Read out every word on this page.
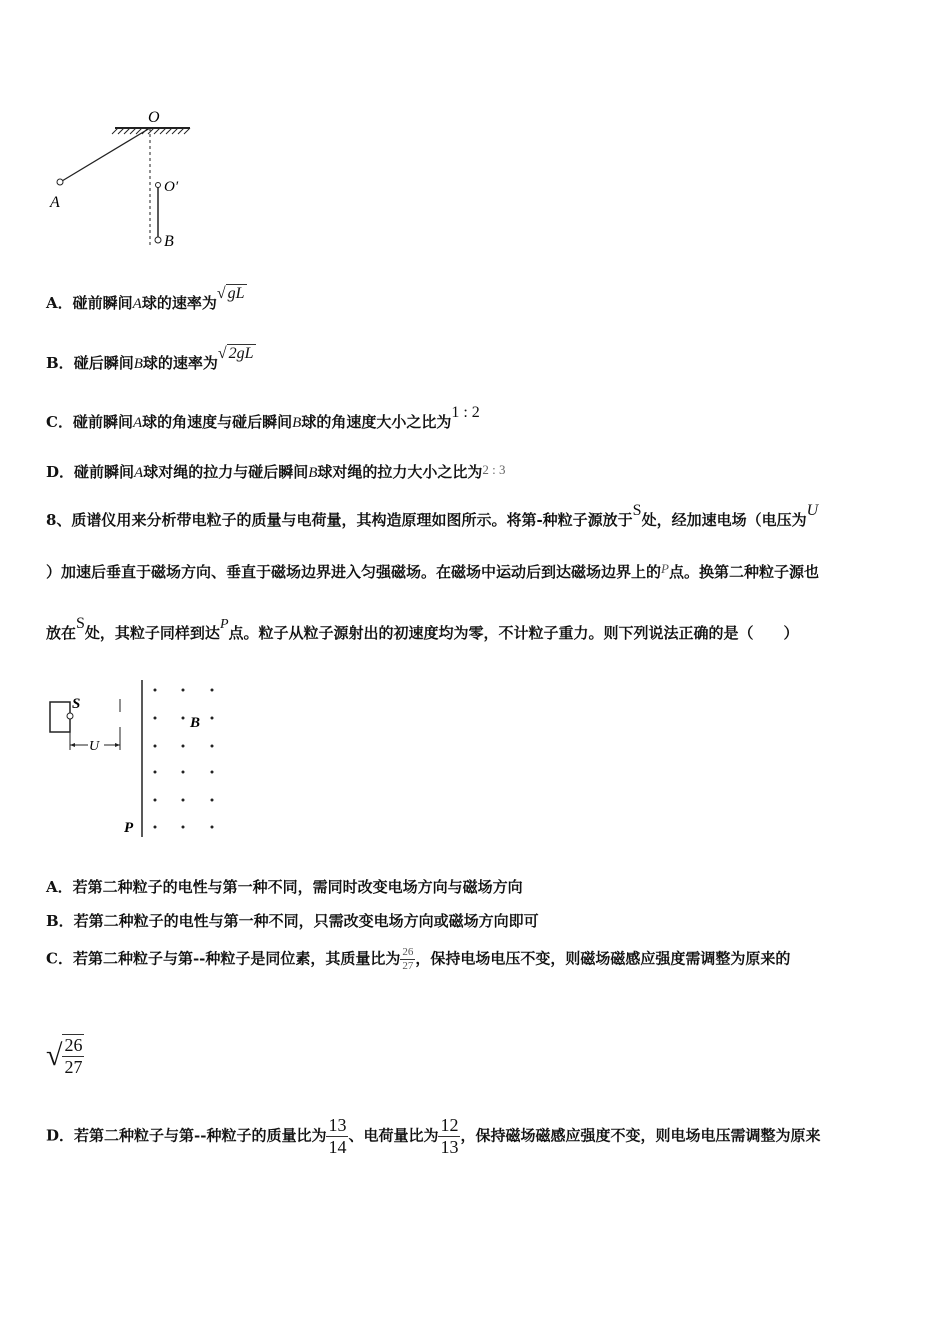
O
O′
A
B
A．碰前瞬间A球的速率为√ gL
B．碰后瞬间B球的速率为√ 2gL
C．碰前瞬间A球的角速度与碰后瞬间B球的角速度大小之比为1 : 2
D．碰前瞬间A球对绳的拉力与碰后瞬间B球对绳的拉力大小之比为2 : 3
8、质谱仪用来分析带电粒子的质量与电荷量，其构造原理如图所示。将第-种粒子源放于S处，经加速电场（电压为U
）加速后垂直于磁场方向、垂直于磁场边界进入匀强磁场。在磁场中运动后到达磁场边界上的P点。换第二种粒子源也
放在S处，其粒子同样到达P点。粒子从粒子源射出的初速度均为零，不计粒子重力。则下列说法正确的是（　　）
S
B
U
P
A．若第二种粒子的电性与第一种不同，需同时改变电场方向与磁场方向
B．若第二种粒子的电性与第一种不同，只需改变电场方向或磁场方向即可
C．若第二种粒子与第--种粒子是同位素，其质量比为 $\frac{26}{27}$ ，保持电场电压不变，则磁场磁感应强度需调整为原来的
√ $\frac{26}{27}$
D．若第二种粒子与第--种粒子的质量比为 $\frac{13}{14}$ 、电荷量比为 $\frac{12}{13}$ ，保持磁场磁感应强度不变，则电场电压需调整为原来
